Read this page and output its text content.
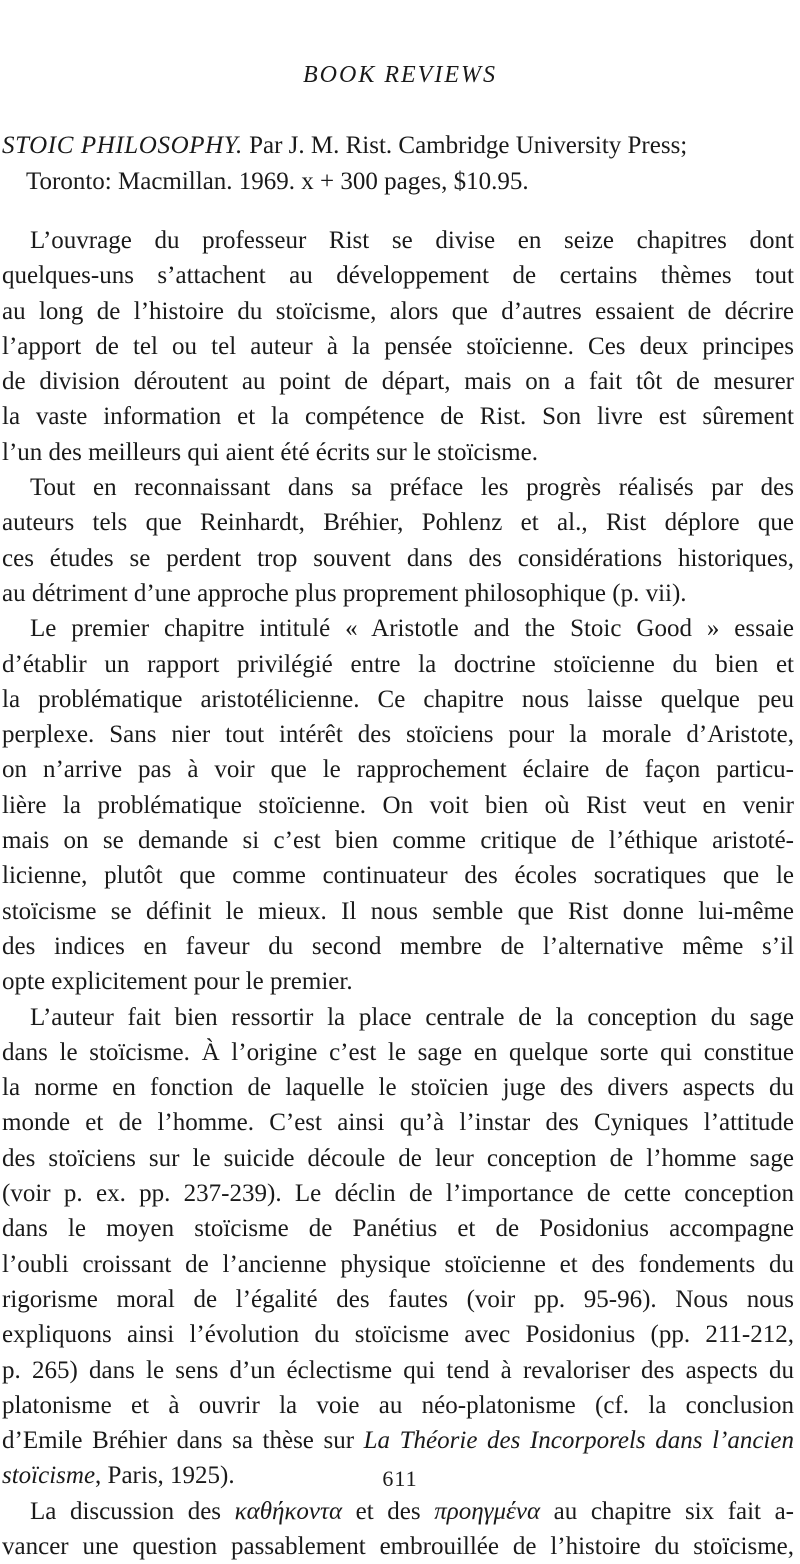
BOOK REVIEWS
STOIC PHILOSOPHY. Par J. M. Rist. Cambridge University Press;
Toronto: Macmillan. 1969. x + 300 pages, $10.95.

L’ouvrage du professeur Rist se divise en seize chapitres dont
quelques-uns s’attachent au développement de certains thèmes tout
au long de l’histoire du stoïcisme, alors que d’autres essaient de décrire
l’apport de tel ou tel auteur à la pensée stoïcienne. Ces deux principes
de division déroutent au point de départ, mais on a fait tôt de mesurer
la vaste information et la compétence de Rist. Son livre est sûrement
l’un des meilleurs qui aient été écrits sur le stoïcisme.

Tout en reconnaissant dans sa préface les progrès réalisés par des
auteurs tels que Reinhardt, Bréhier, Pohlenz et al., Rist déplore que
ces études se perdent trop souvent dans des considérations historiques,
au détriment d’une approche plus proprement philosophique (p. vii).

Le premier chapitre intitulé « Aristotle and the Stoic Good » essaie
d’établir un rapport privilégié entre la doctrine stoïcienne du bien et
la problématique aristotélicienne. Ce chapitre nous laisse quelque peu
perplexe. Sans nier tout intérêt des stoïciens pour la morale d’Aristote,
on n’arrive pas à voir que le rapprochement éclaire de façon particu-
lière la problématique stoïcienne. On voit bien où Rist veut en venir
mais on se demande si c’est bien comme critique de l’éthique aristoté-
licienne, plutôt que comme continuateur des écoles socratiques que le
stoïcisme se définit le mieux. Il nous semble que Rist donne lui-même
des indices en faveur du second membre de l’alternative même s’il
opte explicitement pour le premier.

L’auteur fait bien ressortir la place centrale de la conception du sage
dans le stoïcisme. À l’origine c’est le sage en quelque sorte qui constitue
la norme en fonction de laquelle le stoïcien juge des divers aspects du
monde et de l’homme. C’est ainsi qu’à l’instar des Cyniques l’attitude
des stoïciens sur le suicide découle de leur conception de l’homme sage
(voir p. ex. pp. 237-239). Le déclin de l’importance de cette conception
dans le moyen stoïcisme de Panétius et de Posidonius accompagne
l’oubli croissant de l’ancienne physique stoïcienne et des fondements du
rigorisme moral de l’égalité des fautes (voir pp. 95-96). Nous nous
expliquons ainsi l’évolution du stoïcisme avec Posidonius (pp. 211-212,
p. 265) dans le sens d’un éclectisme qui tend à revaloriser des aspects du
platonisme et à ouvrir la voie au néo-platonisme (cf. la conclusion
d’Emile Bréhier dans sa thèse sur La Théorie des Incorporels dans l’ancien
stoïcisme, Paris, 1925).

La discussion des καθήκοντα et des προηγμένα au chapitre six fait a-
vancer une question passablement embrouillée de l’histoire du stoïcisme,

611
